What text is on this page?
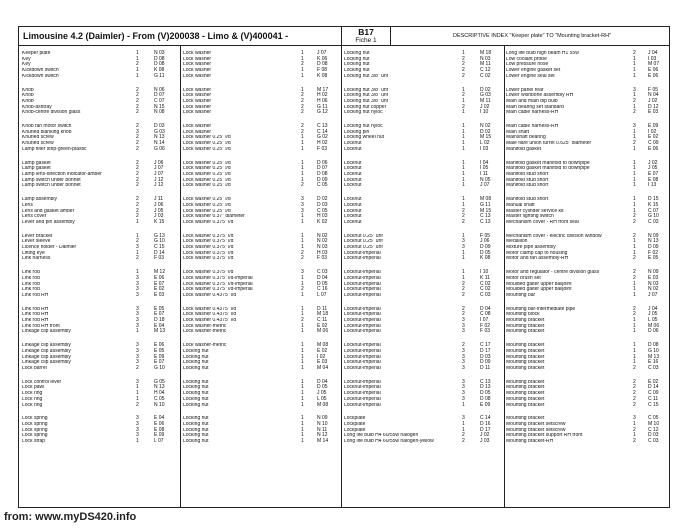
Limousine 4.2 (Daimler) - From (V)200038 - Limo & (V)400041 -	B17
Fiche 1
DESCRIPTIVE INDEX "Keeper plate" TO "Mounting bracket-RH"
Keeper plate	1	N 03
Key	1	D 08
Key	2	D 08
Kickdown switch	1	K 08
Kickdown switch	1	G 11
Knob	2	N 06
Knob	2	D 07
Knob	2	C 07
Knob-ashtray	2	N 15
Knob-centre division glass	2	N 08
Knob fan motor switch	2	D 03
Knurled blanking knob	3	G 03
Knurled screw	2	N 13
Knurled screw	2	N 14
Lamp filter strip-green-plastic	2	G 06
Lamp gasket	2	J 06
Lamp gasket	2	J 07
Lamp lens-direction indicator-amber	2	J 07
Lamp switch under bonnet	2	J 12
Lamp switch under bonnet	2	J 12
Lamp assembly	2	J 11
Lens	2	J 06
Lens and gasket amber	2	J 05
Lens cover	2	J 03
Lever and pin assembly	1	K 15
Lever bracket	1	G 13
Lever sleeve	2	G 10
Licence holder - Daimler	3	C 15
Lifting eye	1	D 14
Link harness	2	F 03
Link rod	1	M 12
Link rod	3	E 06
Link rod	3	E 07
Link rod	3	E 02
Link rod RH	3	E 03
Link rod RH	3	E 05
Link rod RH	3	E 07
Link rod RH	3	D 18
Link rod RH front	3	E 04
Linkage clip assembly	1	M 13
Linkage clip assembly	3	E 06
Linkage clip assembly	3	E 05
Linkage clip assembly	3	E 09
Linkage clip assembly	3	E 07
Lock barrel	2	G 10
Lock control lever	3	G 05
Lock pawl	1	N 13
Lock ring	1	H 04
Lock ring	1	C 05
Lock ring	2	N 10
Lock spring	3	E 04
Lock spring	3	E 06
Lock spring	3	E 08
Lock spring	3	E 09
Lock strap	1	L 07
Lock washer	1	J 07
Lock washer	1	K 06
Lock washer	2	D 08
Lock washer	1	F 08
Lock washer	1	K 08
Lock washer	1	M 17
Lock washer	2	H 02
Lock washer	2	H 06
Lock washer	2	G 11
Lock washer	2	G 12
Lock washer	2	C 13
Lock washer	2	C 14
Lock washer 0.25" i/d	1	G 02
Lock washer 0.25" i/d	1	H 02
Lock washer 0.25" i/d	1	F 03
Lock washer 0.25" i/d	1	D 06
Lock washer 0.25" i/d	1	D 07
Lock washer 0.25" i/d	1	D 08
Lock washer 0.25" i/d	1	D 09
Lock washer 0.25" i/d	2	C 05
Lock washer 0.25" i/d	3	D 02
Lock washer 0.25" i/d	3	D 03
Lock washer 0.25" i/d	3	C 05
Lock washer 0.37" diameter	1	H 03
Lock washer 0.375" i/d	1	K 02
Lock washer 0.375" i/d	1	N 02
Lock washer 0.375" i/d	1	N 02
Lock washer 0.375" i/d	1	N 03
Lock washer 0.375" i/d	2	H 03
Lock washer 0.375" i/d	2	F 03
Lock washer 0.375" i/d	3	C 03
Lock washer 0.375" i/d-imperial	1	D 04
Lock washer 0.375" i/d-imperial	1	D 05
Lock washer 0.375" i/d-imperial	2	C 16
Lock washer 0.4375" i/d	1	L 07
Lock washer 0.4375" i/d	1	D 11
Lock washer 0.4375" i/d	1	M 18
Lock washer 0.4375" i/d	2	C 11
Lock washer-metric	1	E 02
Lock washer-metric	1	M 06
Lock washer-metric	1	M 08
Locking nut	1	E 02
Locking nut	1	I 02
Locking nut	1	E 03
Locking nut	1	M 04
Locking nut	1	D 04
Locking nut	1	D 05
Locking nut	1	J 05
Locking nut	1	L 05
Locking nut	1	M 08
Locking nut	1	N 09
Locking nut	1	N 10
Locking nut	1	N 11
Locking nut	1	N 12
Locking nut	1	M 14
Locking nut	1	M 18
Locking nut	2	N 03
Locking nut	2	M 11
Locking nut	2	C 12
Locking nut 3/8" unf	2	C 02
Locking nut 3/8" unf	1	D 02
Locking nut 3/8" unf	2	G 03
Locking nut 3/8" unf	1	M 11
Locking nut copper	2	J 02
Locking nut nyloc	1	I 10
Locking nut nyloc	1	N 02
Locking pin	1	D 02
Locking wheel nut	1	M 15
Locknut	1	L 02
Locknut	1	I 03
Locknut	1	I 04
Locknut	1	I 05
Locknut	1	I 11
Locknut	1	N 05
Locknut	1	J 07
Locknut	1	M 08
Locknut	1	G 11
Locknut	2	M 15
Locknut	2	C 13
Locknut	2	C 13
Locknut 0.25" unf	1	F 05
Locknut 0.25" unf	3	J 06
Locknut 0.25" unf	3	D 09
Locknut-imperial	1	D 05
Locknut-imperial	1	K 08
Locknut-imperial	1	I 10
Locknut-imperial	1	K 11
Locknut-imperial	2	C 02
Locknut-imperial	2	C 02
Locknut-imperial	2	C 03
Locknut-imperial	2	D 04
Locknut-imperial	2	C 08
Locknut-imperial	3	I 07
Locknut-imperial	3	F 02
Locknut-imperial	3	F 03
Locknut-imperial	2	C 17
Locknut-imperial	3	D 17
Locknut-imperial	3	D 03
Locknut-imperial	3	D 09
Locknut-imperial	3	D 11
Locknut-imperial	3	C 13
Locknut-imperial	3	D 13
Locknut-imperial	3	D 05
Locknut-imperial	3	D 08
Locknut-imperial	1	E 09
Lockplate	3	C 14
Lockplate	1	D 16
Lockplate	1	D 17
Long life bulb H4 60/55w halogen	2	J 02
Long life bulb H4 60/55w halogen-yellow	2	J 03
Long life bulb high beam H1 55w	2 J 04
Low coolant probe	1 I 03
Low pressure hose	1 M 07
Lower engine gasket set	1 E 06
Lower engine seal set	1 E 06
Lower panel rear	3 F 05
Lower wishbone assembly RH	1 N 04
Main and main dip bulb	2 J 02
Main bearing set standard	1 D 12
Main cable harness-RH	2 E 03
Main cable harness-RH	3 E 09
Main shaft	1 I 02
Mainshaft bearing	1 E 02
Male flare union turret 0.625" diameter	2 C 09
Manifold gasket	1 E 06
Manifold gasket manifold to downpipe	1 J 02
Manifold gasket manifold to downpipe	1 J 05
Manifold stud short	1 E 07
Manifold stud short	1 E 08
Manifold stud short	1 I 13
Manifold stud short	1 D 15
Manual shaft	1 K 15
Master cylinder service kit	1 C 07
Master lighting switch	2 G 10
Mechanism cover - RH front seal	2 C 03
Mechanism cover - electric division window	2 N 09
Medallion	1 N 13
Mixture pipe assembly	1 D 09
Motor clamp cap to housing	1 F 02
Motor and fan assembly-RH	2 E 05
Motor and regulator - centre division glass	2 N 09
Motor brush set	2 E 03
Moulded gaiter upper balljoint	1 N 03
Moulded gaiter upper balljoint	1 N 02
Mounting bar	1 J 07
Mounting bar-intermediate pipe	2 J 04
Mounting block	2 J 05
Mounting bracket	1 L 05
Mounting bracket	1 M 06
Mounting bracket	1 D 06
Mounting bracket	1 D 08
Mounting bracket	1 G 10
Mounting bracket	1 M 13
Mounting bracket	1 E 16
Mounting bracket	2 C 03
Mounting bracket	2 E 02
Mounting bracket	2 D 14
Mounting bracket	2 C 09
Mounting bracket	2 C 11
Mounting bracket	2 C 15
Mounting bracket	3 C 05
Mounting bracket setscrew	1 M 10
Mounting bracket setscrew	2 C 12
Mounting bracket support RH front	1 D 03
Mounting bracket-RH	2 C 03
from: www.myDS420.info
